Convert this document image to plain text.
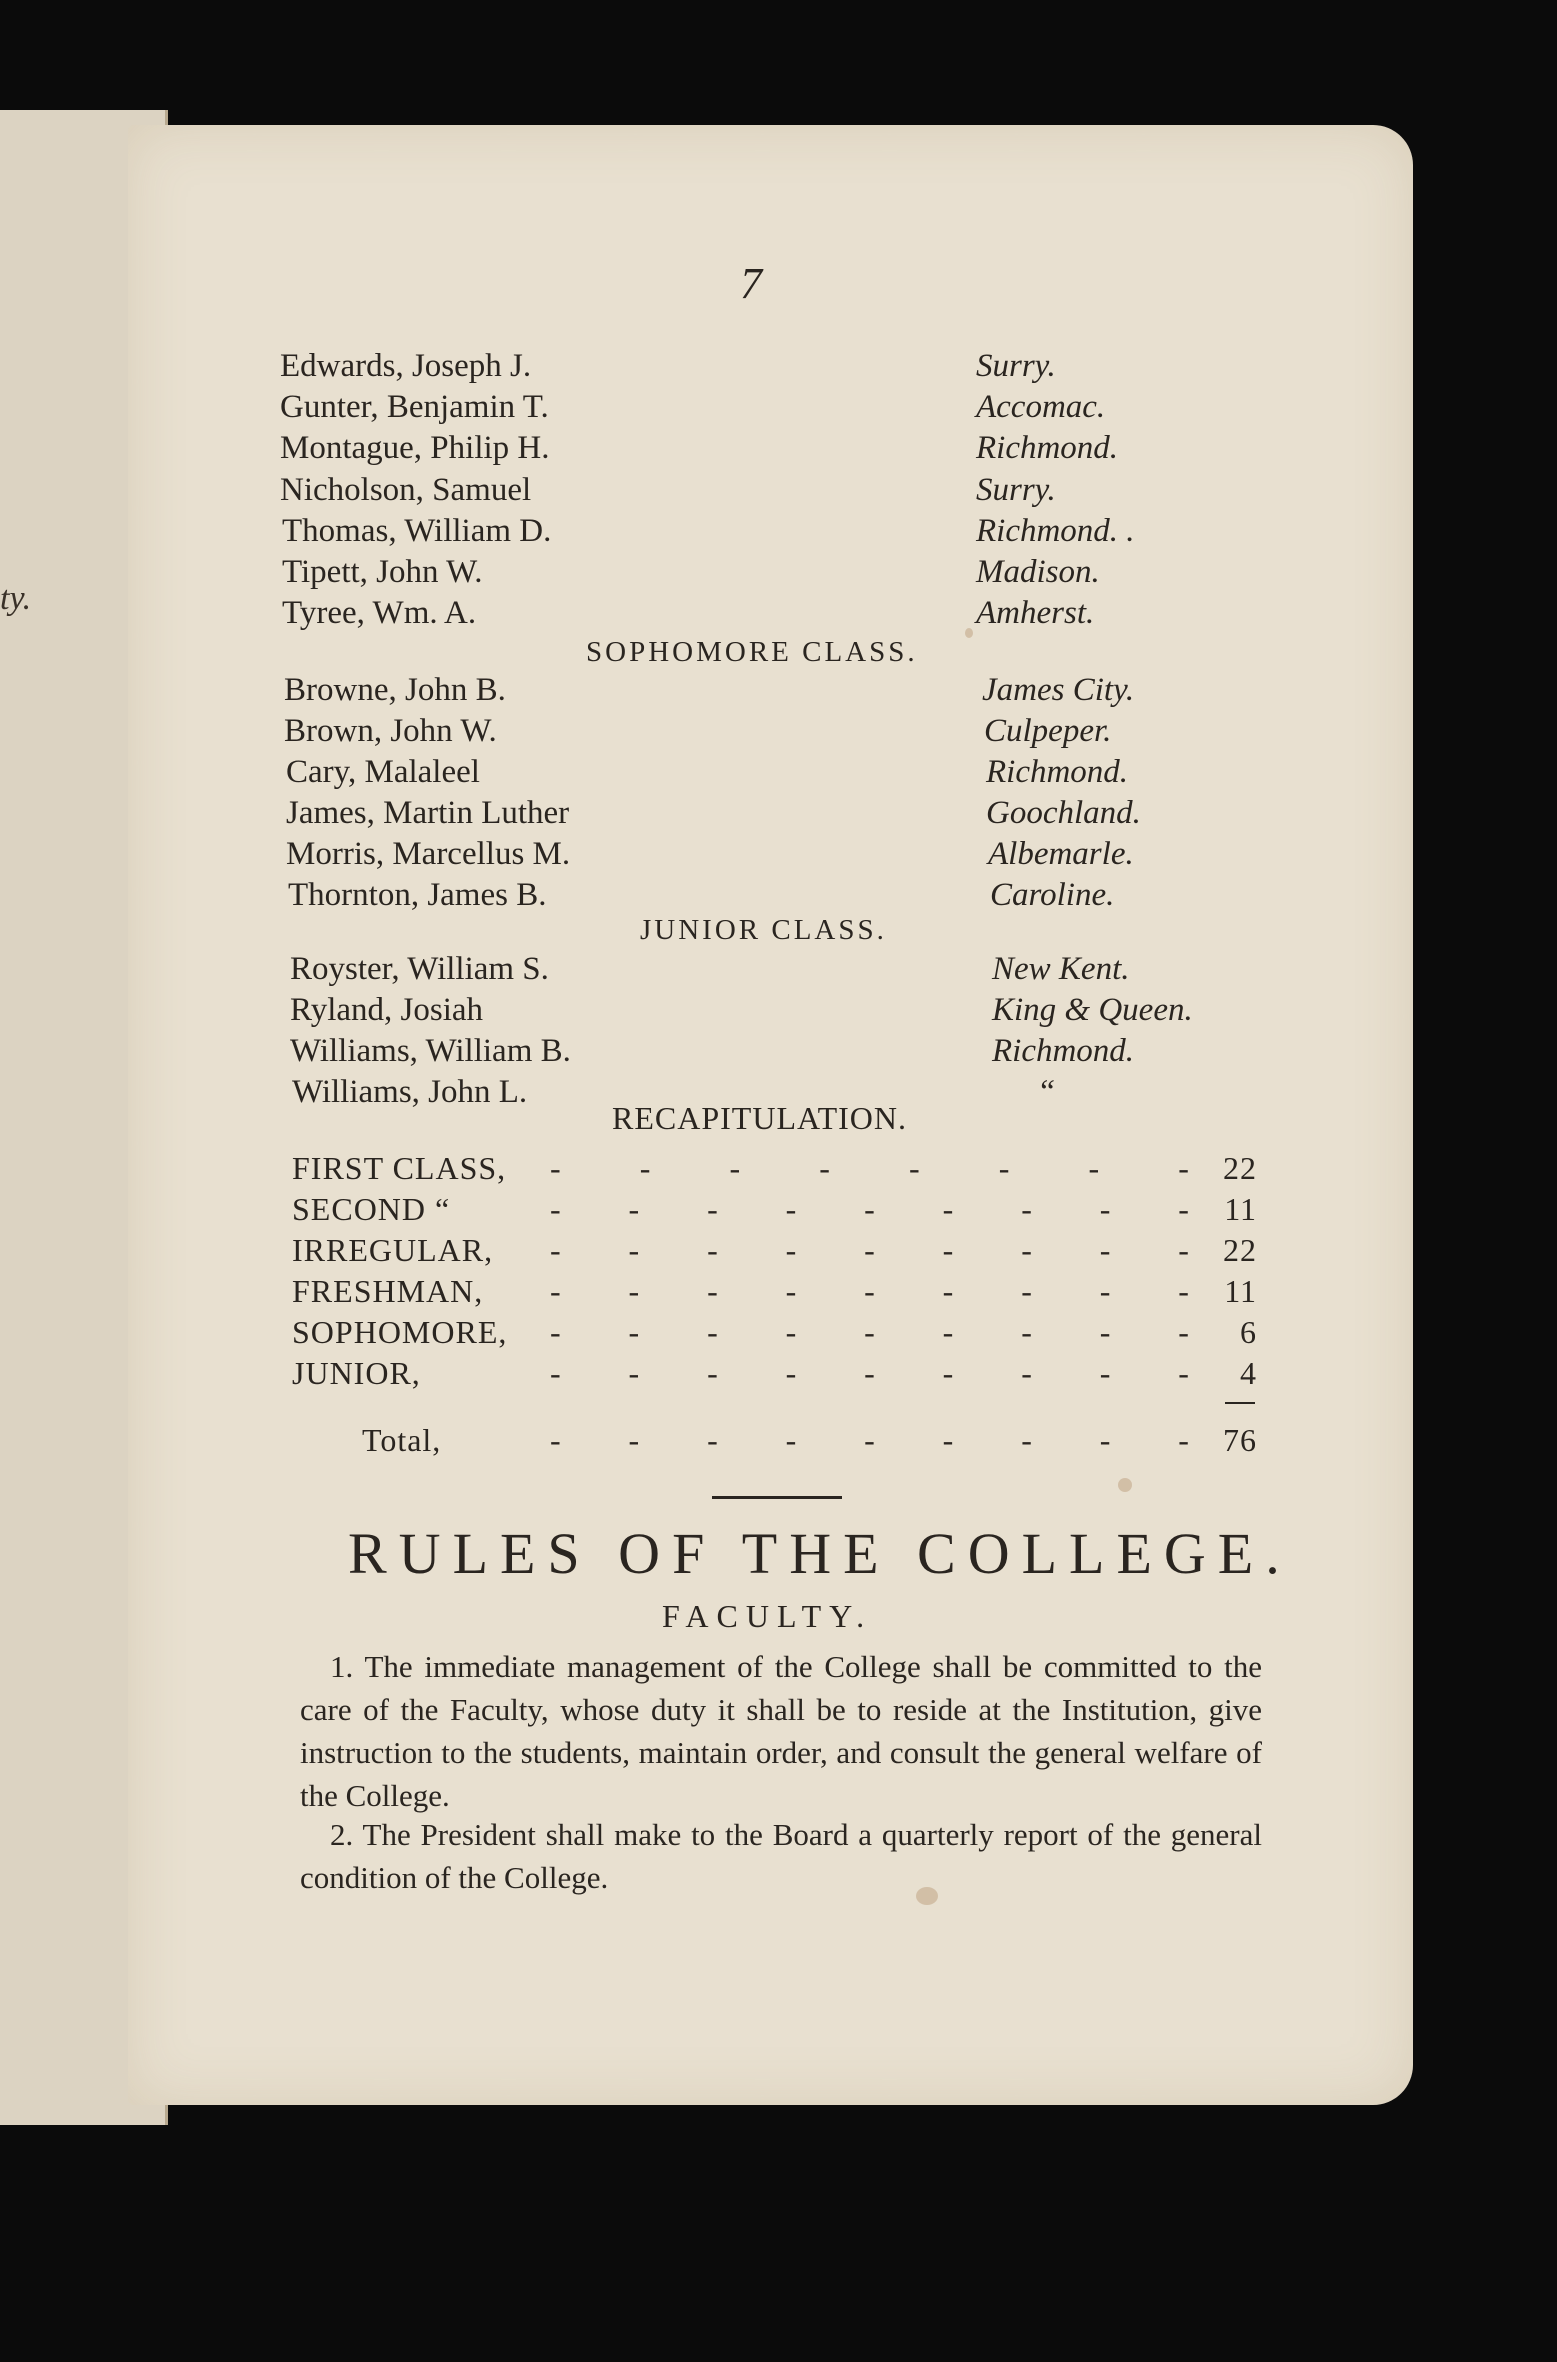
ty.
7
Edwards, Joseph J.	Surry.
Gunter, Benjamin T.	Accomac.
Montague, Philip H.	Richmond.
Nicholson, Samuel	Surry.
Thomas, William D.	Richmond. .
Tipett, John W.	Madison.
Tyree, Wm. A.	Amherst.
SOPHOMORE CLASS.
Browne, John B.	James City.
Brown, John W.	Culpeper.
Cary, Malaleel	Richmond.
James, Martin Luther	Goochland.
Morris, Marcellus M.	Albemarle.
Thornton, James B.	Caroline.
JUNIOR CLASS.
Royster, William S.	New Kent.
Ryland, Josiah	King & Queen.
Williams, William B.	Richmond.
Williams, John L.	“
RECAPITULATION.
FIRST CLASS, - - - - - - - - 22
SECOND “	- - - - - - - - - 11
IRREGULAR, - - - - - - - - - 22
FRESHMAN, - - - - - - - - - 11
SOPHOMORE, - - - - - - - - - 6
JUNIOR,	- - - - - - - - - 4
Total,	- - - - - - - - - 76
RULES OF THE COLLEGE.
FACULTY.
1. The immediate management of the College shall be committed to the care of the Faculty, whose duty it shall be to reside at the Institution, give instruction to the students, maintain order, and consult the general welfare of the College.
2. The President shall make to the Board a quarterly report of the general condition of the College.
